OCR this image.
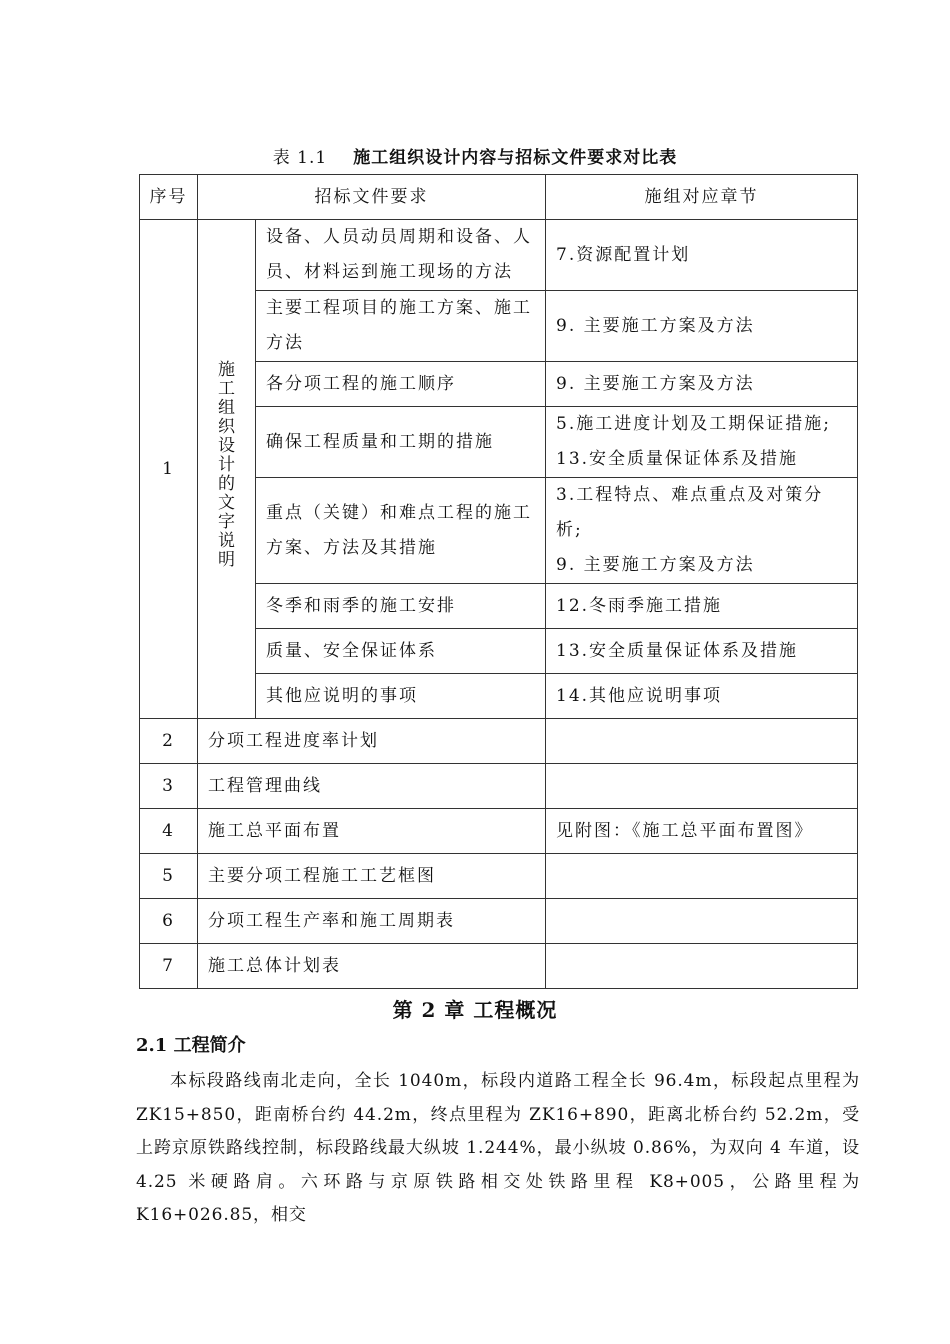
表 1.1 施工组织设计内容与招标文件要求对比表
序号	招标文件要求		施组对应章节
1	施工组织设计的文字说明	设备、人员动员周期和设备、人员、材料运到施工现场的方法	7.资源配置计划
		主要工程项目的施工方案、施工方法	9. 主要施工方案及方法
		各分项工程的施工顺序	9. 主要施工方案及方法
		确保工程质量和工期的措施	5.施工进度计划及工期保证措施;
13.安全质量保证体系及措施

		重点（关键）和难点工程的施工方案、方法及其措施	3.工程特点、难点重点及对策分析;
9. 主要施工方案及方法

		冬季和雨季的施工安排	12.冬雨季施工措施
		质量、安全保证体系	13.安全质量保证体系及措施
		其他应说明的事项	14.其他应说明事项
2	分项工程进度率计划		
3	工程管理曲线		
4	施工总平面布置		见附图：《施工总平面布置图》
5	主要分项工程施工工艺框图		
6	分项工程生产率和施工周期表		
7	施工总体计划表		
第 2 章 工程概况
2.1 工程简介

本标段路线南北走向，全长 1040m，标段内道路工程全长 96.4m，标段起点里程为 ZK15+850，距南桥台约 44.2m，终点里程为 ZK16+890，距离北桥台约 52.2m，受上跨京原铁路线控制，标段路线最大纵坡 1.244%，最小纵坡 0.86%，为双向 4 车道，设 4.25 米硬路肩。六环路与京原铁路相交处铁路里程 K8+005，公路里程为 K16+026.85，相交
